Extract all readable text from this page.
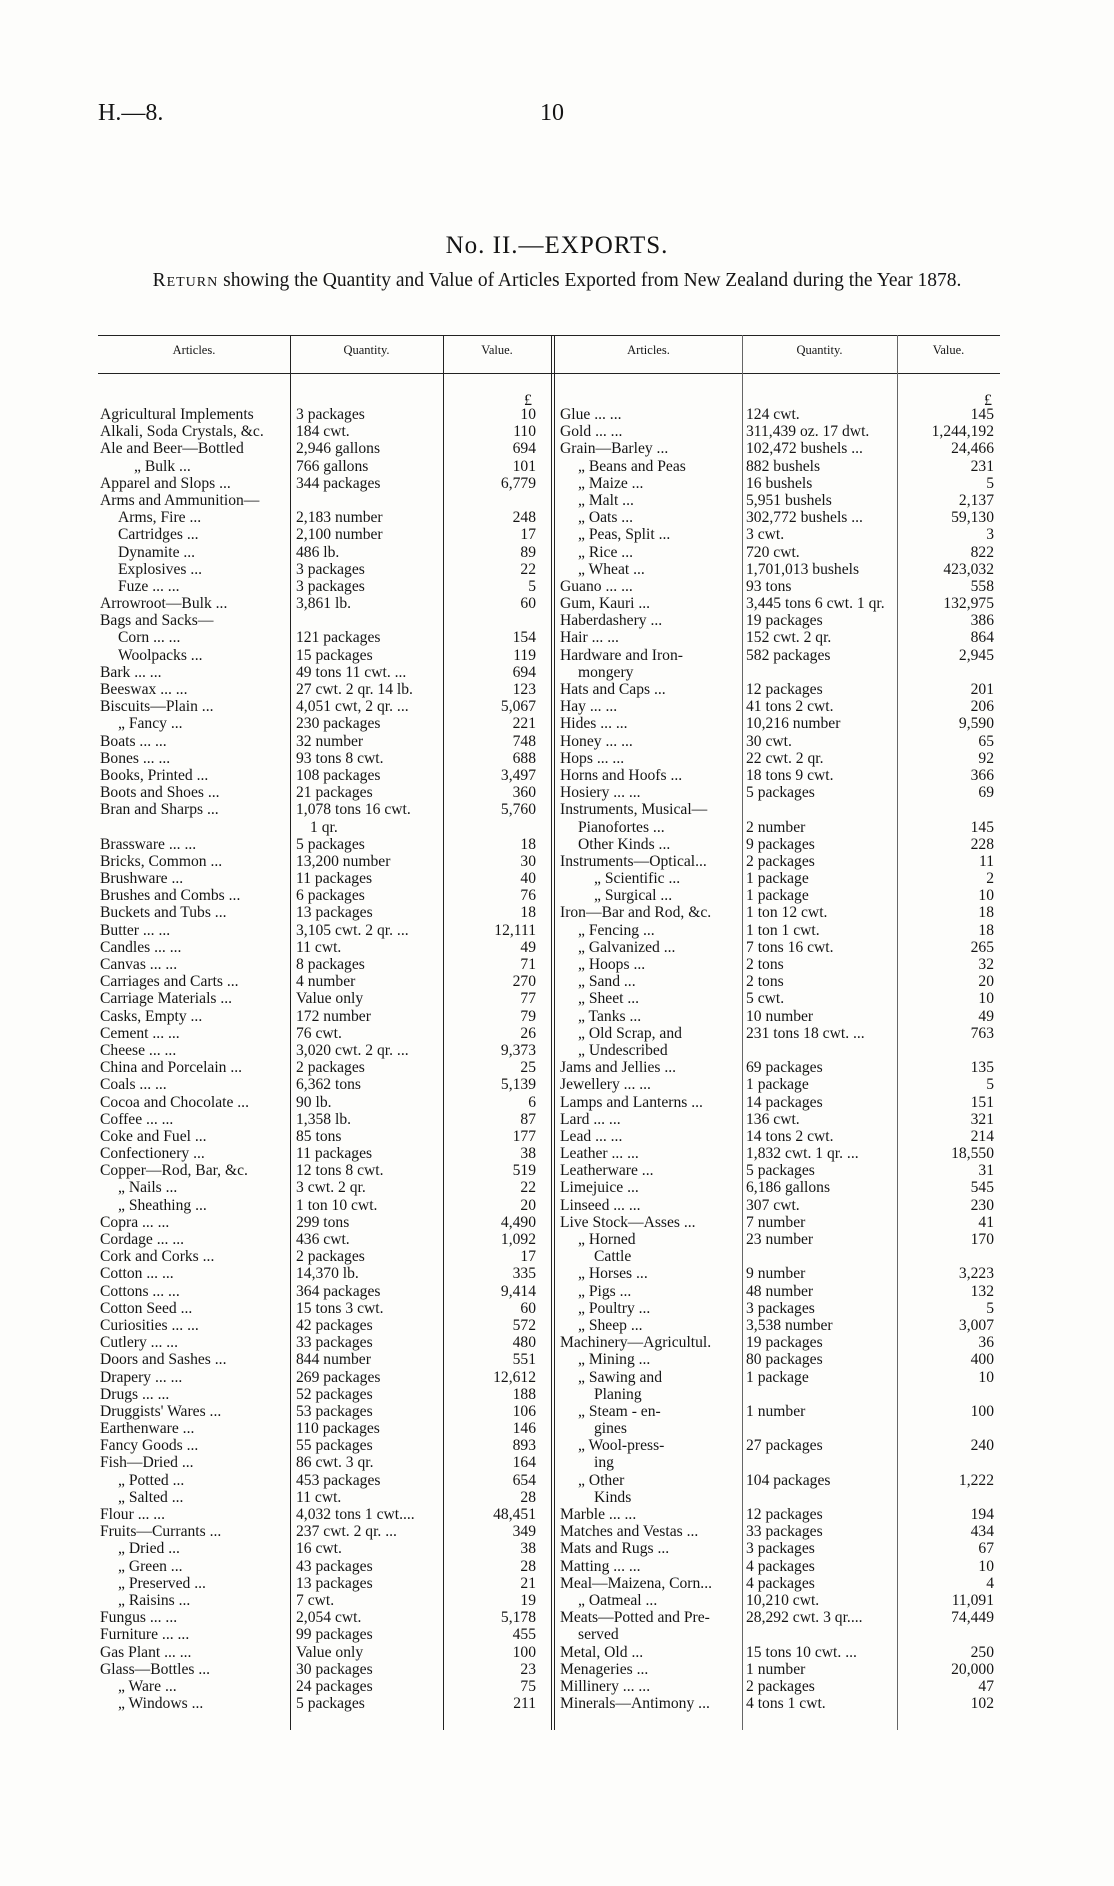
H.—8.	10
No. II.—EXPORTS.
Return showing the Quantity and Value of Articles Exported from New Zealand during the Year 1878.
Articles.	Quantity.	Value.	Articles.	Quantity.	Value.
£	£
Agricultural Implements	3 packages	10
Alkali, Soda Crystals, &c.	184 cwt.	110
Ale and Beer—Bottled	2,946 gallons	694
„ Bulk ...	766 gallons	101
Apparel and Slops ...	344 packages	6,779
Arms and Ammunition—
Arms, Fire ...	2,183 number	248
Cartridges ...	2,100 number	17
Dynamite ...	486 lb.	89
Explosives ...	3 packages	22
Fuze ... ...	3 packages	5
Arrowroot—Bulk ...	3,861 lb.	60
Bags and Sacks—
Corn ... ...	121 packages	154
Woolpacks ...	15 packages	119
Bark ... ...	49 tons 11 cwt. ...	694
Beeswax ... ...	27 cwt. 2 qr. 14 lb.	123
Biscuits—Plain ...	4,051 cwt, 2 qr. ...	5,067
„ Fancy ...	230 packages	221
Boats ... ...	32 number	748
Bones ... ...	93 tons 8 cwt.	688
Books, Printed ...	108 packages	3,497
Boots and Shoes ...	21 packages	360
Bran and Sharps ...	1,078 tons 16 cwt.	5,760
1 qr.
Brassware ... ...	5 packages	18
Bricks, Common ...	13,200 number	30
Brushware ...	11 packages	40
Brushes and Combs ...	6 packages	76
Buckets and Tubs ...	13 packages	18
Butter ... ...	3,105 cwt. 2 qr. ...	12,111
Candles ... ...	11 cwt.	49
Canvas ... ...	8 packages	71
Carriages and Carts ...	4 number	270
Carriage Materials ...	Value only	77
Casks, Empty ...	172 number	79
Cement ... ...	76 cwt.	26
Cheese ... ...	3,020 cwt. 2 qr. ...	9,373
China and Porcelain ...	2 packages	25
Coals ... ...	6,362 tons	5,139
Cocoa and Chocolate ...	90 lb.	6
Coffee ... ...	1,358 lb.	87
Coke and Fuel ...	85 tons	177
Confectionery ...	11 packages	38
Copper—Rod, Bar, &c.	12 tons 8 cwt.	519
„ Nails ...	3 cwt. 2 qr.	22
„ Sheathing ...	1 ton 10 cwt.	20
Copra ... ...	299 tons	4,490
Cordage ... ...	436 cwt.	1,092
Cork and Corks ...	2 packages	17
Cotton ... ...	14,370 lb.	335
Cottons ... ...	364 packages	9,414
Cotton Seed ...	15 tons 3 cwt.	60
Curiosities ... ...	42 packages	572
Cutlery ... ...	33 packages	480
Doors and Sashes ...	844 number	551
Drapery ... ...	269 packages	12,612
Drugs ... ...	52 packages	188
Druggists' Wares ...	53 packages	106
Earthenware ...	110 packages	146
Fancy Goods ...	55 packages	893
Fish—Dried ...	86 cwt. 3 qr.	164
„ Potted ...	453 packages	654
„ Salted ...	11 cwt.	28
Flour ... ...	4,032 tons 1 cwt....	48,451
Fruits—Currants ...	237 cwt. 2 qr. ...	349
„ Dried ...	16 cwt.	38
„ Green ...	43 packages	28
„ Preserved ...	13 packages	21
„ Raisins ...	7 cwt.	19
Fungus ... ...	2,054 cwt.	5,178
Furniture ... ...	99 packages	455
Gas Plant ... ...	Value only	100
Glass—Bottles ...	30 packages	23
„ Ware ...	24 packages	75
„ Windows ...	5 packages	211
Glue ... ...	124 cwt.	145
Gold ... ...	311,439 oz. 17 dwt.	1,244,192
Grain—Barley ...	102,472 bushels ...	24,466
„ Beans and Peas	882 bushels	231
„ Maize ...	16 bushels	5
„ Malt ...	5,951 bushels	2,137
„ Oats ...	302,772 bushels ...	59,130
„ Peas, Split ...	3 cwt.	3
„ Rice ...	720 cwt.	822
„ Wheat ...	1,701,013 bushels	423,032
Guano ... ...	93 tons	558
Gum, Kauri ...	3,445 tons 6 cwt. 1 qr.	132,975
Haberdashery ...	19 packages	386
Hair ... ...	152 cwt. 2 qr.	864
Hardware and Iron-	582 packages	2,945
mongery
Hats and Caps ...	12 packages	201
Hay ... ...	41 tons 2 cwt.	206
Hides ... ...	10,216 number	9,590
Honey ... ...	30 cwt.	65
Hops ... ...	22 cwt. 2 qr.	92
Horns and Hoofs ...	18 tons 9 cwt.	366
Hosiery ... ...	5 packages	69
Instruments, Musical—
Pianofortes ...	2 number	145
Other Kinds ...	9 packages	228
Instruments—Optical...	2 packages	11
„ Scientific ...	1 package	2
„ Surgical ...	1 package	10
Iron—Bar and Rod, &c.	1 ton 12 cwt.	18
„ Fencing ...	1 ton 1 cwt.	18
„ Galvanized ...	7 tons 16 cwt.	265
„ Hoops ...	2 tons	32
„ Sand ...	2 tons	20
„ Sheet ...	5 cwt.	10
„ Tanks ...	10 number	49
„ Old Scrap, and	231 tons 18 cwt. ...	763
„ Undescribed
Jams and Jellies ...	69 packages	135
Jewellery ... ...	1 package	5
Lamps and Lanterns ...	14 packages	151
Lard ... ...	136 cwt.	321
Lead ... ...	14 tons 2 cwt.	214
Leather ... ...	1,832 cwt. 1 qr. ...	18,550
Leatherware ...	5 packages	31
Limejuice ...	6,186 gallons	545
Linseed ... ...	307 cwt.	230
Live Stock—Asses ...	7 number	41
„ Horned	23 number	170
Cattle
„ Horses ...	9 number	3,223
„ Pigs ...	48 number	132
„ Poultry ...	3 packages	5
„ Sheep ...	3,538 number	3,007
Machinery—Agricultul.	19 packages	36
„ Mining ...	80 packages	400
„ Sawing and	1 package	10
Planing
„ Steam - en-	1 number	100
gines
„ Wool-press-	27 packages	240
ing
„ Other	104 packages	1,222
Kinds
Marble ... ...	12 packages	194
Matches and Vestas ...	33 packages	434
Mats and Rugs ...	3 packages	67
Matting ... ...	4 packages	10
Meal—Maizena, Corn...	4 packages	4
„ Oatmeal ...	10,210 cwt.	11,091
Meats—Potted and Pre-	28,292 cwt. 3 qr....	74,449
served
Metal, Old ...	15 tons 10 cwt. ...	250
Menageries ...	1 number	20,000
Millinery ... ...	2 packages	47
Minerals—Antimony ...	4 tons 1 cwt.	102
